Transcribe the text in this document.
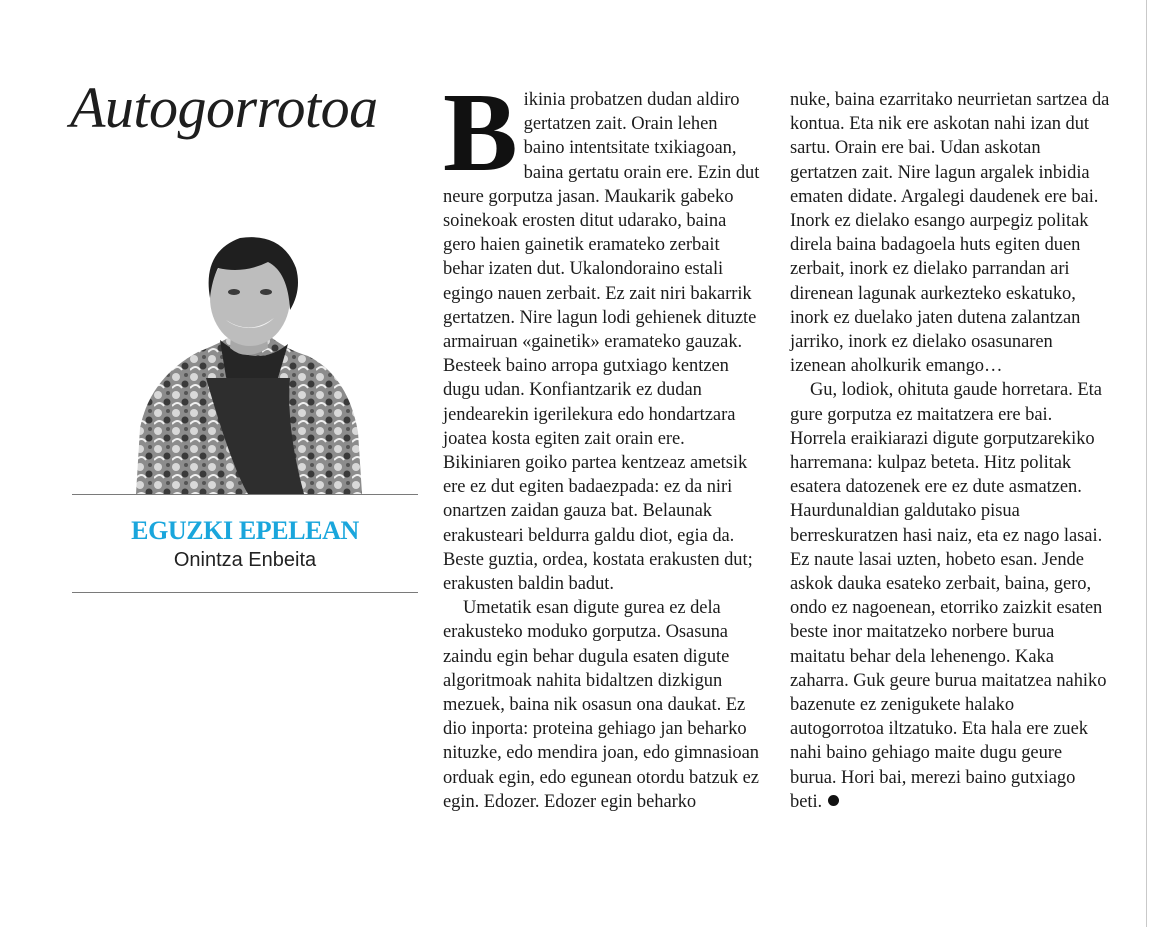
Autogorrotoa
EGUZKI EPELEAN
Onintza Enbeita

Bikinia probatzen dudan aldiro gertatzen zait. Orain lehen baino intentsitate txikiagoan, baina gertatu orain ere. Ezin dut neure gorputza jasan. Maukarik gabeko soinekoak erosten ditut udarako, baina gero haien gainetik eramateko zerbait behar izaten dut. Ukalondoraino estali egingo nauen zerbait. Ez zait niri bakarrik gertatzen. Nire lagun lodi gehienek dituzte armairuan «gainetik» eramateko gauzak. Besteek baino arropa gutxiago kentzen dugu udan. Konfiantzarik ez dudan jendearekin igerilekura edo hondartzara joatea kosta egiten zait orain ere. Bikiniaren goiko partea kentzeaz ametsik ere ez dut egiten badaezpada: ez da niri onartzen zaidan gauza bat. Belaunak erakusteari beldurra galdu diot, egia da. Beste guztia, ordea, kostata erakusten dut; erakusten baldin badut.

Umetatik esan digute gurea ez dela erakusteko moduko gorputza. Osasuna zaindu egin behar dugula esaten digute algoritmoak nahita bidaltzen dizkigun mezuek, baina nik osasun ona daukat. Ez dio inporta: proteina gehiago jan beharko nituzke, edo mendira joan, edo gimnasioan orduak egin, edo egunean otordu batzuk ez egin. Edozer. Edozer egin beharko

nuke, baina ezarritako neurrietan sartzea da kontua. Eta nik ere askotan nahi izan dut sartu. Orain ere bai. Udan askotan gertatzen zait. Nire lagun argalek inbidia ematen didate. Argalegi daudenek ere bai. Inork ez dielako esango aurpegiz politak direla baina badagoela huts egiten duen zerbait, inork ez dielako parrandan ari direnean lagunak aurkezteko eskatuko, inork ez duelako jaten dutena zalantzan jarriko, inork ez dielako osasunaren izenean aholkurik emango…

Gu, lodiok, ohituta gaude horretara. Eta gure gorputza ez maitatzera ere bai. Horrela eraikiarazi digute gorputzarekiko harremana: kulpaz beteta. Hitz politak esatera datozenek ere ez dute asmatzen. Haurdunaldian galdutako pisua berreskuratzen hasi naiz, eta ez nago lasai. Ez naute lasai uzten, hobeto esan. Jende askok dauka esateko zerbait, baina, gero, ondo ez nagoenean, etorriko zaizkit esaten beste inor maitatzeko norbere burua maitatu behar dela lehenengo. Kaka zaharra. Guk geure burua maitatzea nahiko bazenute ez zenigukete halako autogorrotoa iltzatuko. Eta hala ere zuek nahi baino gehiago maite dugu geure burua. Hori bai, merezi baino gutxiago beti.
